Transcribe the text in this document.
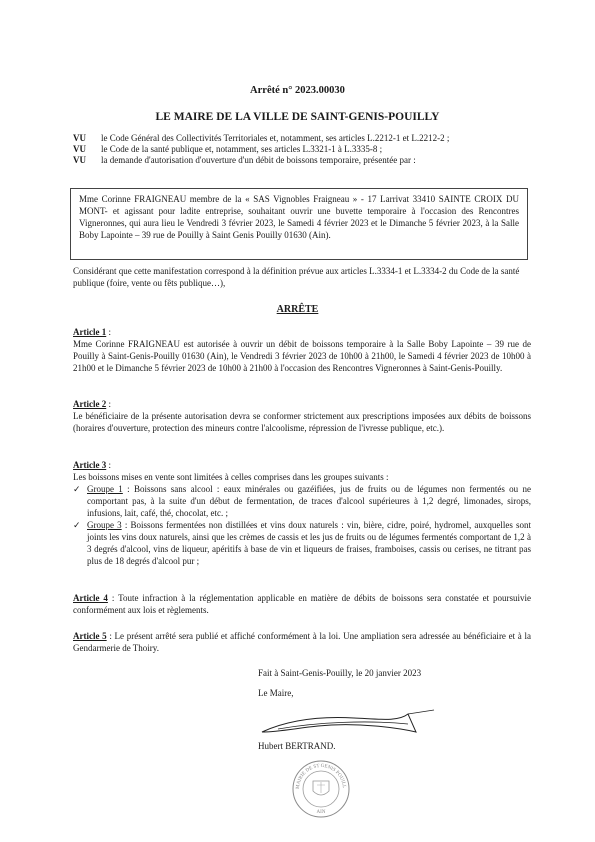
Arrêté n° 2023.00030
LE MAIRE DE LA VILLE DE SAINT-GENIS-POUILLY
VU	le Code Général des Collectivités Territoriales et, notamment, ses articles L.2212-1 et L.2212-2 ;
VU	le Code de la santé publique et, notamment, ses articles L.3321-1 à L.3335-8 ;
VU	la demande d'autorisation d'ouverture d'un débit de boissons temporaire, présentée par :
Mme Corinne FRAIGNEAU membre de la « SAS Vignobles Fraigneau » - 17 Larrivat 33410 SAINTE CROIX DU MONT- et agissant pour ladite entreprise, souhaitant ouvrir une buvette temporaire à l'occasion des Rencontres Vigneronnes, qui aura lieu le Vendredi 3 février 2023, le Samedi 4 février 2023 et le Dimanche 5 février 2023, à la Salle Boby Lapointe – 39 rue de Pouilly à Saint Genis Pouilly 01630 (Ain).
Considérant que cette manifestation correspond à la définition prévue aux articles L.3334-1 et L.3334-2 du Code de la santé publique (foire, vente ou fêts publique…),
ARRÊTE
Article 1 :
Mme Corinne FRAIGNEAU est autorisée à ouvrir un débit de boissons temporaire à la Salle Boby Lapointe – 39 rue de Pouilly à Saint-Genis-Pouilly 01630 (Ain), le Vendredi 3 février 2023 de 10h00 à 21h00, le Samedi 4 février 2023 de 10h00 à 21h00 et le Dimanche 5 février 2023 de 10h00 à 21h00 à l'occasion des Rencontres Vigneronnes à Saint-Genis-Pouilly.
Article 2 :
Le bénéficiaire de la présente autorisation devra se conformer strictement aux prescriptions imposées aux débits de boissons (horaires d'ouverture, protection des mineurs contre l'alcoolisme, répression de l'ivresse publique, etc.).
Article 3 :
Les boissons mises en vente sont limitées à celles comprises dans les groupes suivants :
✓ Groupe 1 : Boissons sans alcool : eaux minérales ou gazéifiées, jus de fruits ou de légumes non fermentés ou ne comportant pas, à la suite d'un début de fermentation, de traces d'alcool supérieures à 1,2 degré, limonades, sirops, infusions, lait, café, thé, chocolat, etc. ;
✓ Groupe 3 : Boissons fermentées non distillées et vins doux naturels : vin, bière, cidre, poiré, hydromel, auxquelles sont joints les vins doux naturels, ainsi que les crèmes de cassis et les jus de fruits ou de légumes fermentés comportant de 1,2 à 3 degrés d'alcool, vins de liqueur, apéritifs à base de vin et liqueurs de fraises, framboises, cassis ou cerises, ne titrant pas plus de 18 degrés d'alcool pur ;
Article 4 : Toute infraction à la réglementation applicable en matière de débits de boissons sera constatée et poursuivie conformément aux lois et règlements.
Article 5 : Le présent arrêté sera publié et affiché conformément à la loi. Une ampliation sera adressée au bénéficiaire et à la Gendarmerie de Thoiry.
Fait à Saint-Genis-Pouilly, le 20 janvier 2023
Le Maire,
Hubert BERTRAND.
MAIRIE DE ST GENIS POUILL
AIN
